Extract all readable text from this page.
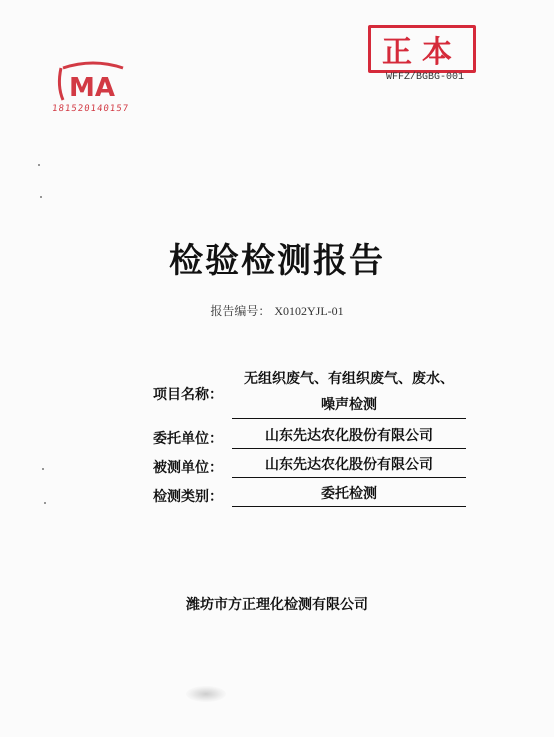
MA
181520140157
正本
WFFZ/BGBG-001
检验检测报告
报告编号： X0102YJL-01
项目名称：
无组织废气、有组织废气、废水、
噪声检测
委托单位：	山东先达农化股份有限公司
被测单位：	山东先达农化股份有限公司
检测类别：	委托检测
潍坊市方正理化检测有限公司
